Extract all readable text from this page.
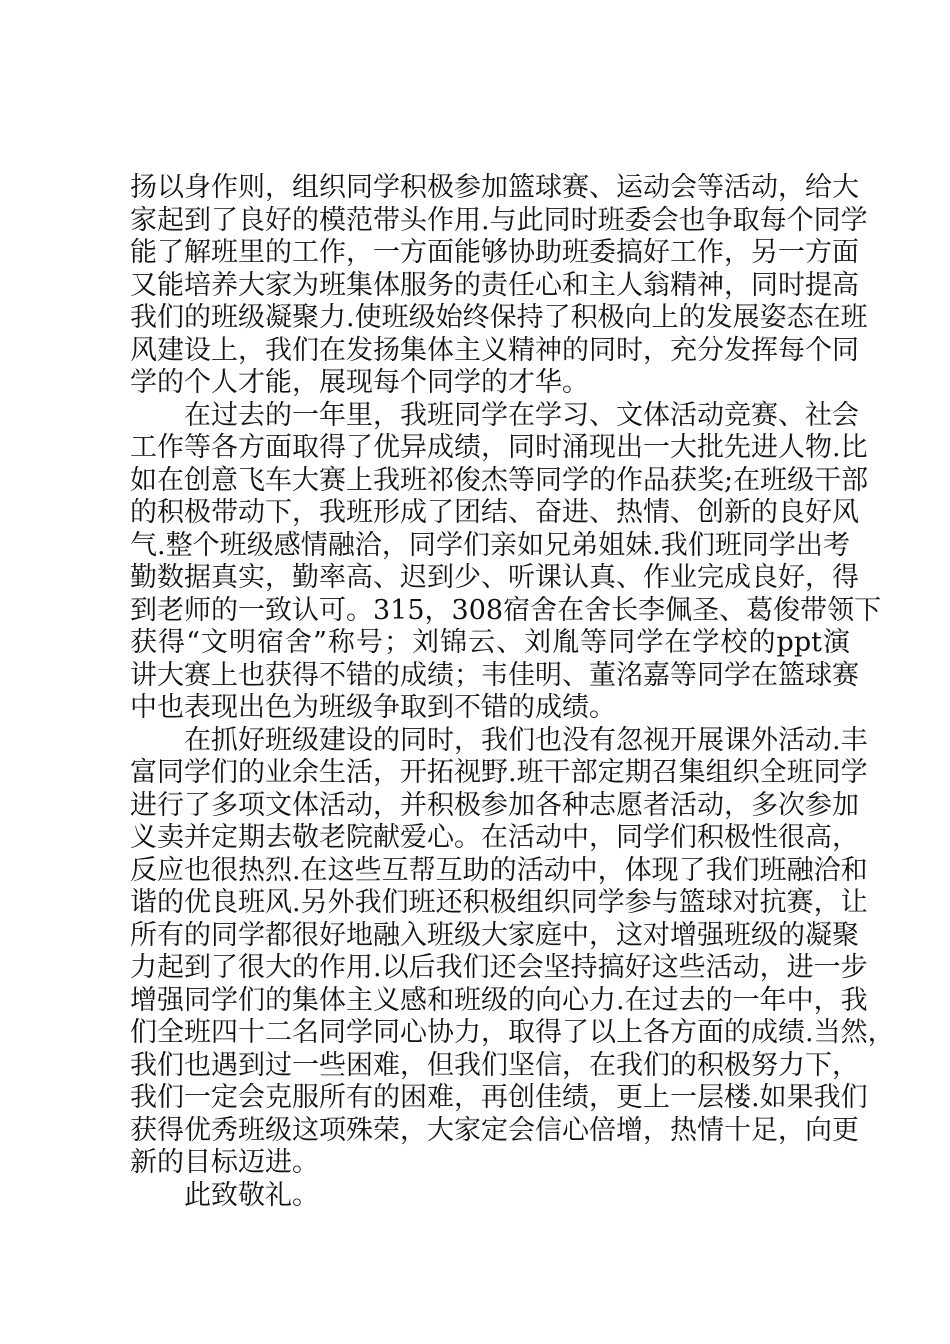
扬以身作则，组织同学积极参加篮球赛、运动会等活动，给大
家起到了良好的模范带头作用.与此同时班委会也争取每个同学
能了解班里的工作，一方面能够协助班委搞好工作，另一方面
又能培养大家为班集体服务的责任心和主人翁精神，同时提高
我们的班级凝聚力.使班级始终保持了积极向上的发展姿态在班
风建设上，我们在发扬集体主义精神的同时，充分发挥每个同
学的个人才能，展现每个同学的才华。
在过去的一年里，我班同学在学习、文体活动竞赛、社会
工作等各方面取得了优异成绩，同时涌现出一大批先进人物.比
如在创意飞车大赛上我班祁俊杰等同学的作品获奖;在班级干部
的积极带动下，我班形成了团结、奋进、热情、创新的良好风
气.整个班级感情融洽，同学们亲如兄弟姐妹.我们班同学出考
勤数据真实，勤率高、迟到少、听课认真、作业完成良好，得
到老师的一致认可。315，308宿舍在舍长李佩圣、葛俊带领下
获得“文明宿舍”称号；刘锦云、刘胤等同学在学校的ppt演
讲大赛上也获得不错的成绩；韦佳明、董洺嘉等同学在篮球赛
中也表现出色为班级争取到不错的成绩。
在抓好班级建设的同时，我们也没有忽视开展课外活动.丰
富同学们的业余生活，开拓视野.班干部定期召集组织全班同学
进行了多项文体活动，并积极参加各种志愿者活动，多次参加
义卖并定期去敬老院献爱心。在活动中，同学们积极性很高，
反应也很热烈.在这些互帮互助的活动中，体现了我们班融洽和
谐的优良班风.另外我们班还积极组织同学参与篮球对抗赛，让
所有的同学都很好地融入班级大家庭中，这对增强班级的凝聚
力起到了很大的作用.以后我们还会坚持搞好这些活动，进一步
增强同学们的集体主义感和班级的向心力.在过去的一年中，我
们全班四十二名同学同心协力，取得了以上各方面的成绩.当然，
我们也遇到过一些困难，但我们坚信，在我们的积极努力下，
我们一定会克服所有的困难，再创佳绩，更上一层楼.如果我们
获得优秀班级这项殊荣，大家定会信心倍增，热情十足，向更
新的目标迈进。
此致敬礼。
